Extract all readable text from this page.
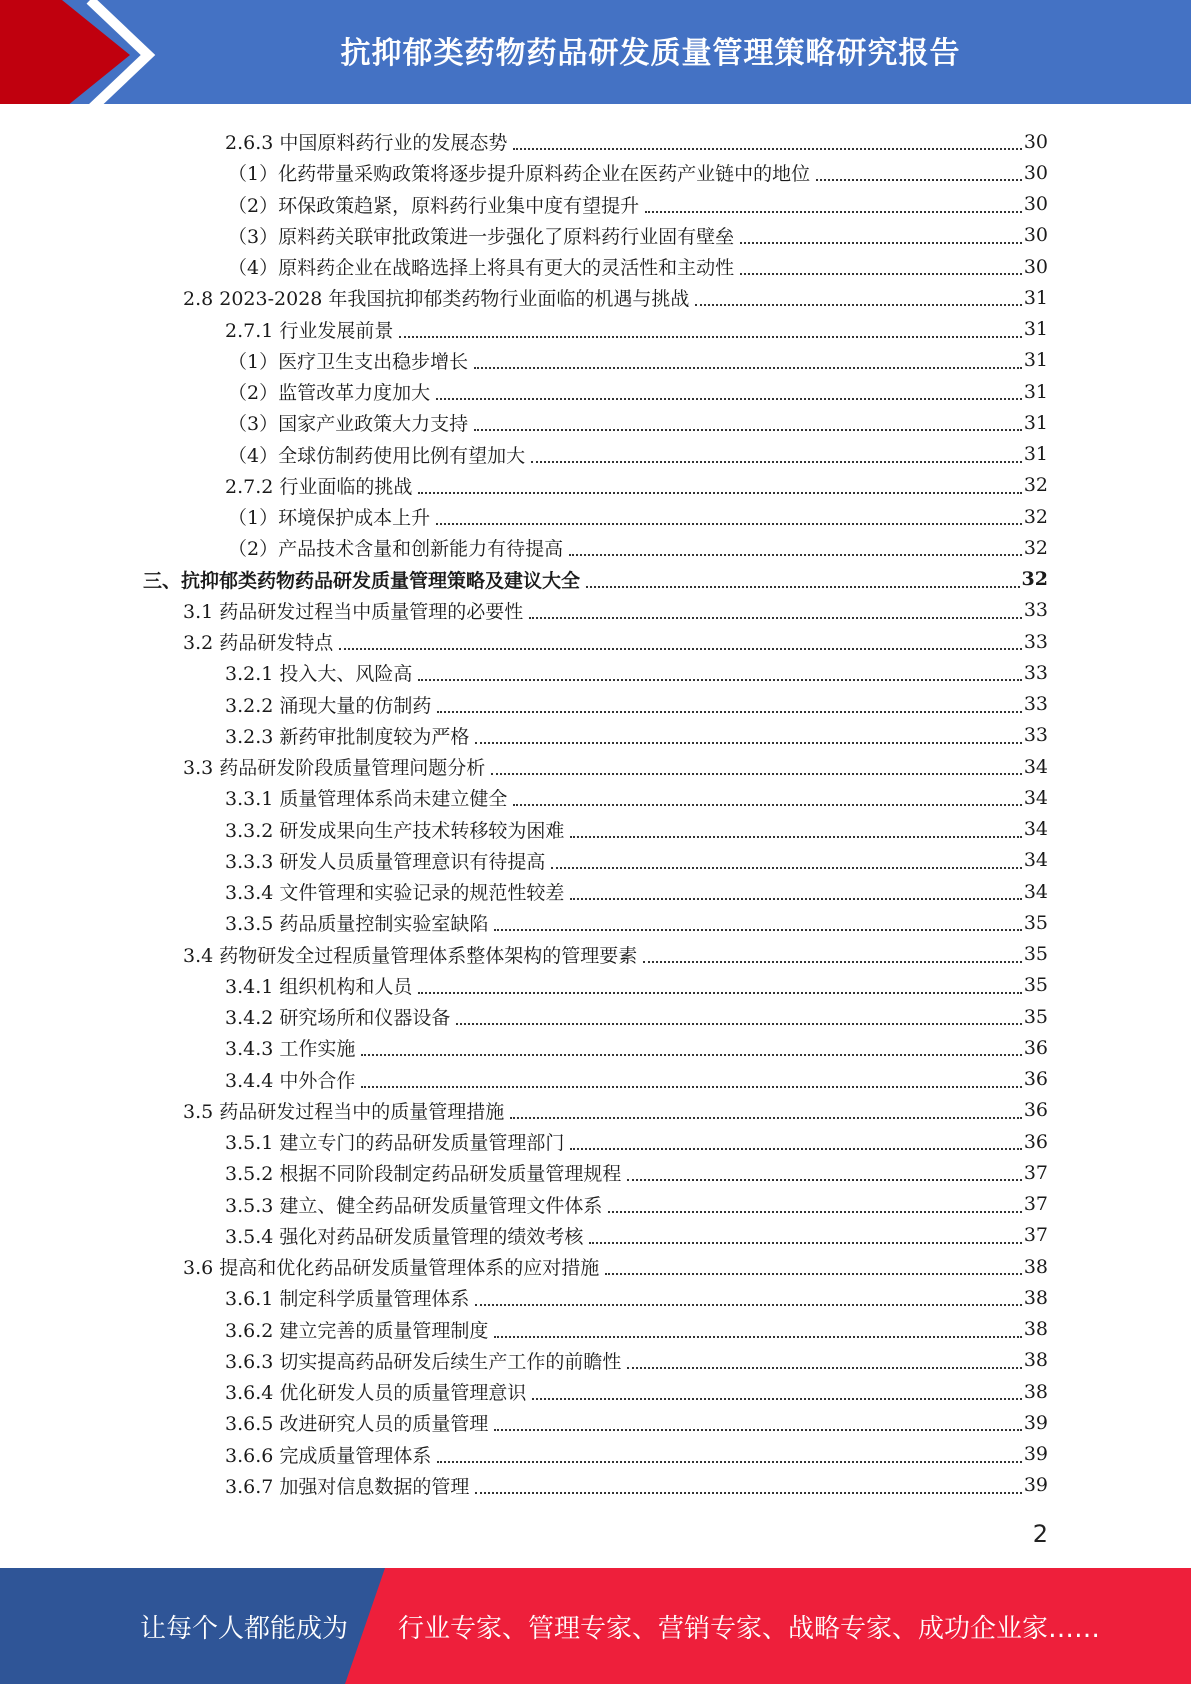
抗抑郁类药物药品研发质量管理策略研究报告
2.6.3 中国原料药行业的发展态势	30
（1）化药带量采购政策将逐步提升原料药企业在医药产业链中的地位	30
（2）环保政策趋紧，原料药行业集中度有望提升	30
（3）原料药关联审批政策进一步强化了原料药行业固有壁垒	30
（4）原料药企业在战略选择上将具有更大的灵活性和主动性	30
2.8 2023-2028 年我国抗抑郁类药物行业面临的机遇与挑战	31
2.7.1 行业发展前景	31
（1）医疗卫生支出稳步增长	31
（2）监管改革力度加大	31
（3）国家产业政策大力支持	31
（4）全球仿制药使用比例有望加大	31
2.7.2 行业面临的挑战	32
（1）环境保护成本上升	32
（2）产品技术含量和创新能力有待提高	32
三、抗抑郁类药物药品研发质量管理策略及建议大全	32
3.1 药品研发过程当中质量管理的必要性	33
3.2 药品研发特点	33
3.2.1 投入大、风险高	33
3.2.2 涌现大量的仿制药	33
3.2.3 新药审批制度较为严格	33
3.3 药品研发阶段质量管理问题分析	34
3.3.1 质量管理体系尚未建立健全	34
3.3.2 研发成果向生产技术转移较为困难	34
3.3.3 研发人员质量管理意识有待提高	34
3.3.4 文件管理和实验记录的规范性较差	34
3.3.5 药品质量控制实验室缺陷	35
3.4 药物研发全过程质量管理体系整体架构的管理要素	35
3.4.1 组织机构和人员	35
3.4.2 研究场所和仪器设备	35
3.4.3 工作实施	36
3.4.4 中外合作	36
3.5 药品研发过程当中的质量管理措施	36
3.5.1 建立专门的药品研发质量管理部门	36
3.5.2 根据不同阶段制定药品研发质量管理规程	37
3.5.3 建立、健全药品研发质量管理文件体系	37
3.5.4 强化对药品研发质量管理的绩效考核	37
3.6 提高和优化药品研发质量管理体系的应对措施	38
3.6.1 制定科学质量管理体系	38
3.6.2 建立完善的质量管理制度	38
3.6.3 切实提高药品研发后续生产工作的前瞻性	38
3.6.4 优化研发人员的质量管理意识	38
3.6.5 改进研究人员的质量管理	39
3.6.6 完成质量管理体系	39
3.6.7 加强对信息数据的管理	39
2
让每个人都能成为 行业专家、管理专家、营销专家、战略专家、成功企业家……
